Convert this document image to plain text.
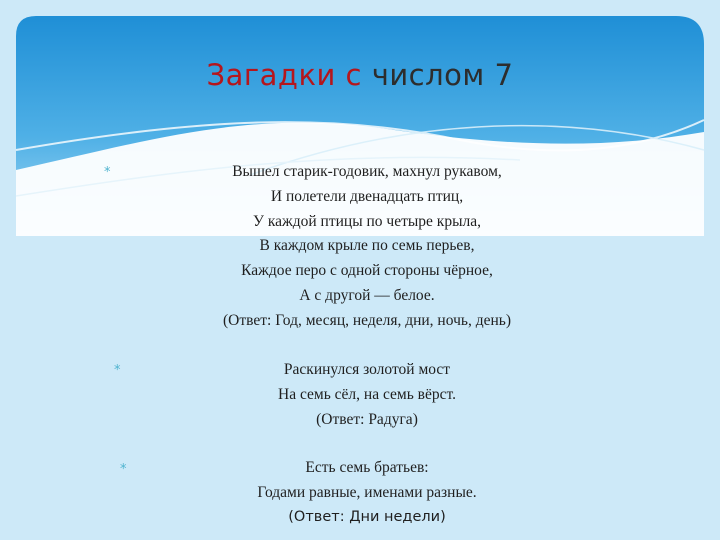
Загадки с числом 7
*	Вышел старик-годовик, махнул рукавом,
И полетели двенадцать птиц,
У каждой птицы по четыре крыла,
В каждом крыле по семь перьев,
Каждое перо с одной стороны чёрное,
А с другой — белое.
(Ответ: Год, месяц, неделя, дни, ночь, день)
*	Раскинулся золотой мост
На семь сёл, на семь вёрст.
(Ответ: Радуга)
*	Есть семь братьев:
Годами равные, именами разные.
(Ответ: Дни недели)
